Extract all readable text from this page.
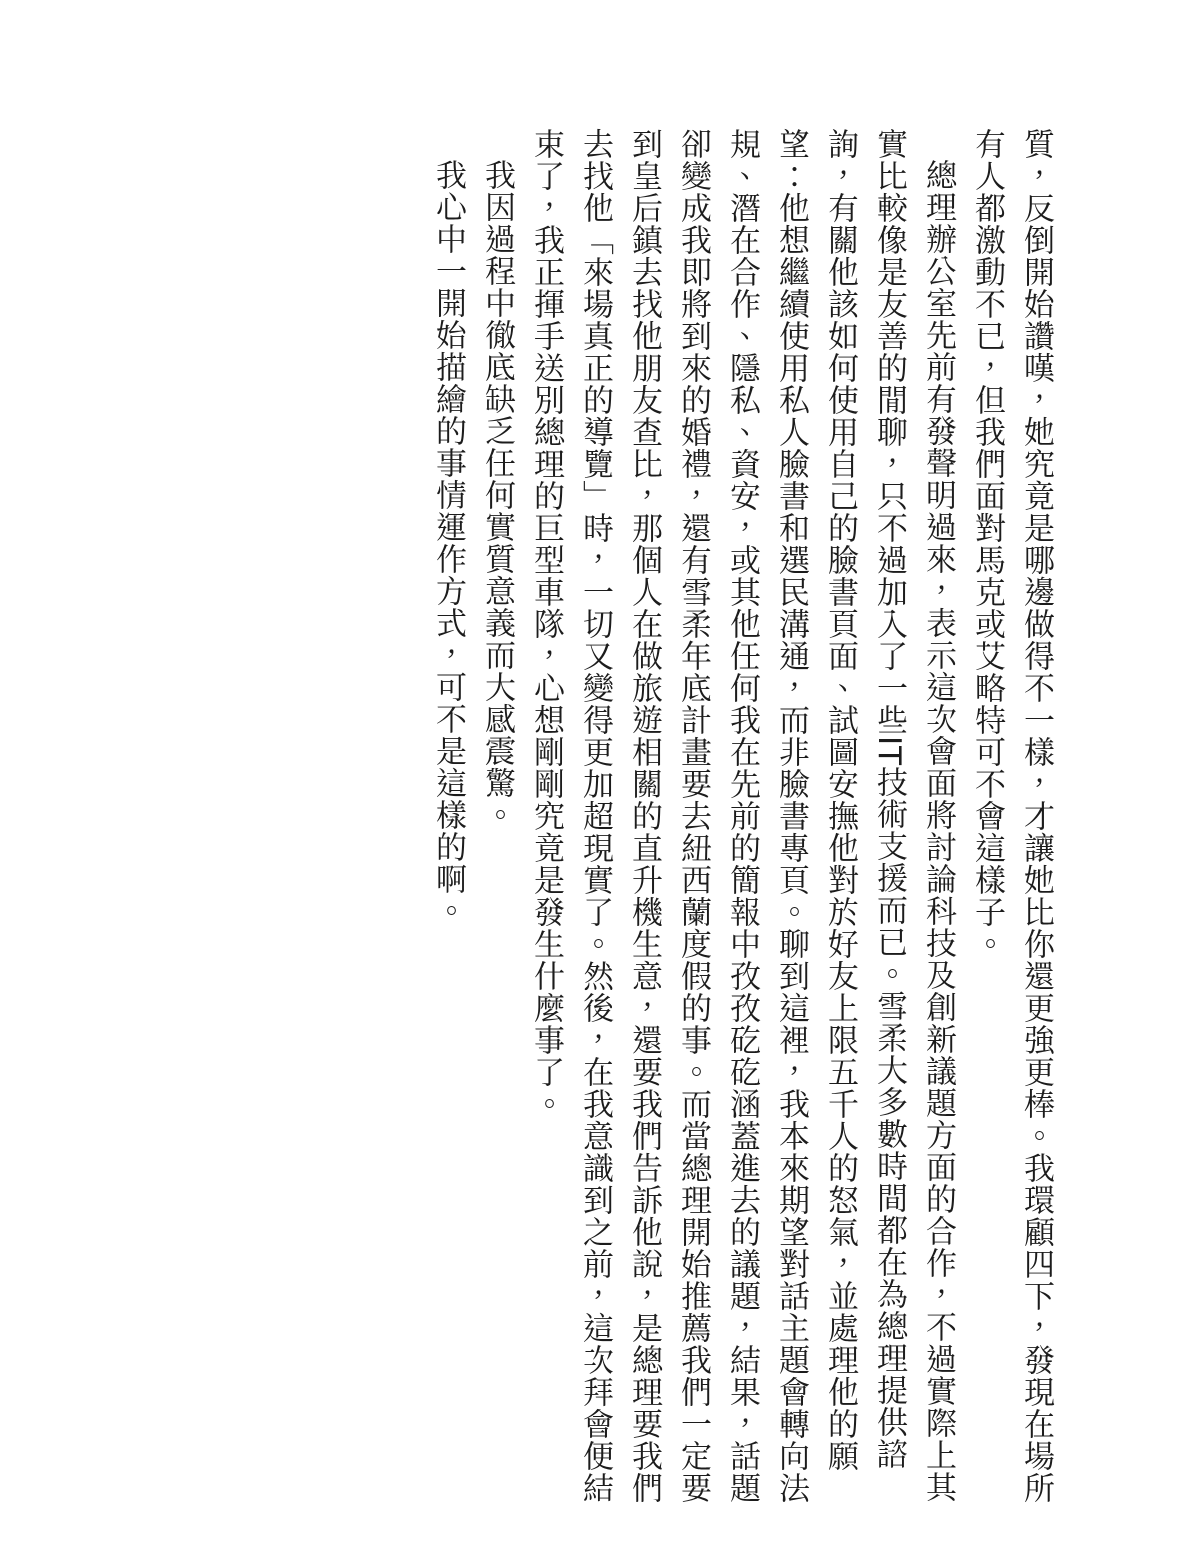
質，反倒開始讚嘆，她究竟是哪邊做得不一樣，才讓她比你還更強更棒。我環顧四下，發現在場所有人都激動不已，但我們面對馬克或艾略特可不會這樣子。

總理辦公室先前有發聲明過來，表示這次會面將討論科技及創新議題方面的合作，不過實際上其實比較像是友善的閒聊，只不過加入了一些IT技術支援而已。雪柔大多數時間都在為總理提供諮詢，有關他該如何使用自己的臉書頁面、試圖安撫他對於好友上限五千人的怒氣，並處理他的願望：他想繼續使用私人臉書和選民溝通，而非臉書專頁。聊到這裡，我本來期望對話主題會轉向法規、潛在合作、隱私、資安，或其他任何我在先前的簡報中孜孜矻矻涵蓋進去的議題，結果，話題卻變成我即將到來的婚禮，還有雪柔年底計畫要去紐西蘭度假的事。而當總理開始推薦我們一定要到皇后鎮去找他朋友查比，那個人在做旅遊相關的直升機生意，還要我們告訴他說，是總理要我們去找他「來場真正的導覽」時，一切又變得更加超現實了。然後，在我意識到之前，這次拜會便結束了，我正揮手送別總理的巨型車隊，心想剛剛究竟是發生什麼事了。

我因過程中徹底缺乏任何實質意義而大感震驚。

我心中一開始描繪的事情運作方式，可不是這樣的啊。
